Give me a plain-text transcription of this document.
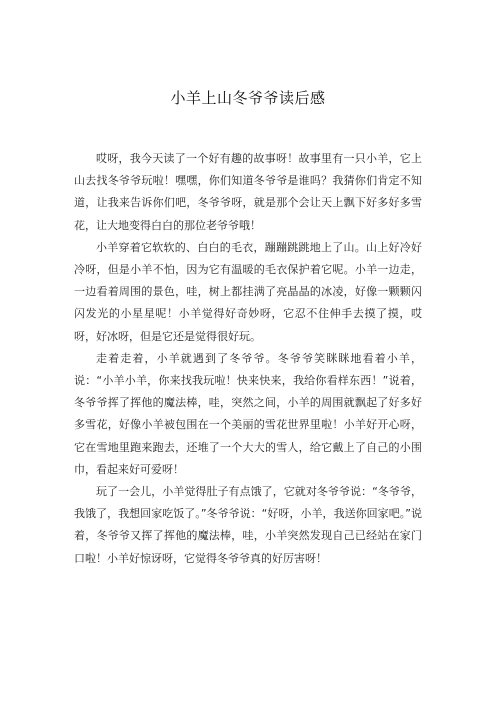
小羊上山冬爷爷读后感

哎呀，我今天读了一个好有趣的故事呀！故事里有一只小羊，它上山去找冬爷爷玩啦！嘿嘿，你们知道冬爷爷是谁吗？我猜你们肯定不知道，让我来告诉你们吧，冬爷爷呀，就是那个会让天上飘下好多好多雪花，让大地变得白白的那位老爷爷哦！

小羊穿着它软软的、白白的毛衣，蹦蹦跳跳地上了山。山上好冷好冷呀，但是小羊不怕，因为它有温暖的毛衣保护着它呢。小羊一边走，一边看着周围的景色，哇，树上都挂满了亮晶晶的冰凌，好像一颗颗闪闪发光的小星星呢！小羊觉得好奇妙呀，它忍不住伸手去摸了摸，哎呀，好冰呀，但是它还是觉得很好玩。

走着走着，小羊就遇到了冬爷爷。冬爷爷笑眯眯地看着小羊，说：“小羊小羊，你来找我玩啦！快来快来，我给你看样东西！”说着，冬爷爷挥了挥他的魔法棒，哇，突然之间，小羊的周围就飘起了好多好多雪花，好像小羊被包围在一个美丽的雪花世界里啦！小羊好开心呀，它在雪地里跑来跑去，还堆了一个大大的雪人，给它戴上了自己的小围巾，看起来好可爱呀！

玩了一会儿，小羊觉得肚子有点饿了，它就对冬爷爷说：“冬爷爷，我饿了，我想回家吃饭了。”冬爷爷说：“好呀，小羊，我送你回家吧。”说着，冬爷爷又挥了挥他的魔法棒，哇，小羊突然发现自己已经站在家门口啦！小羊好惊讶呀，它觉得冬爷爷真的好厉害呀！
